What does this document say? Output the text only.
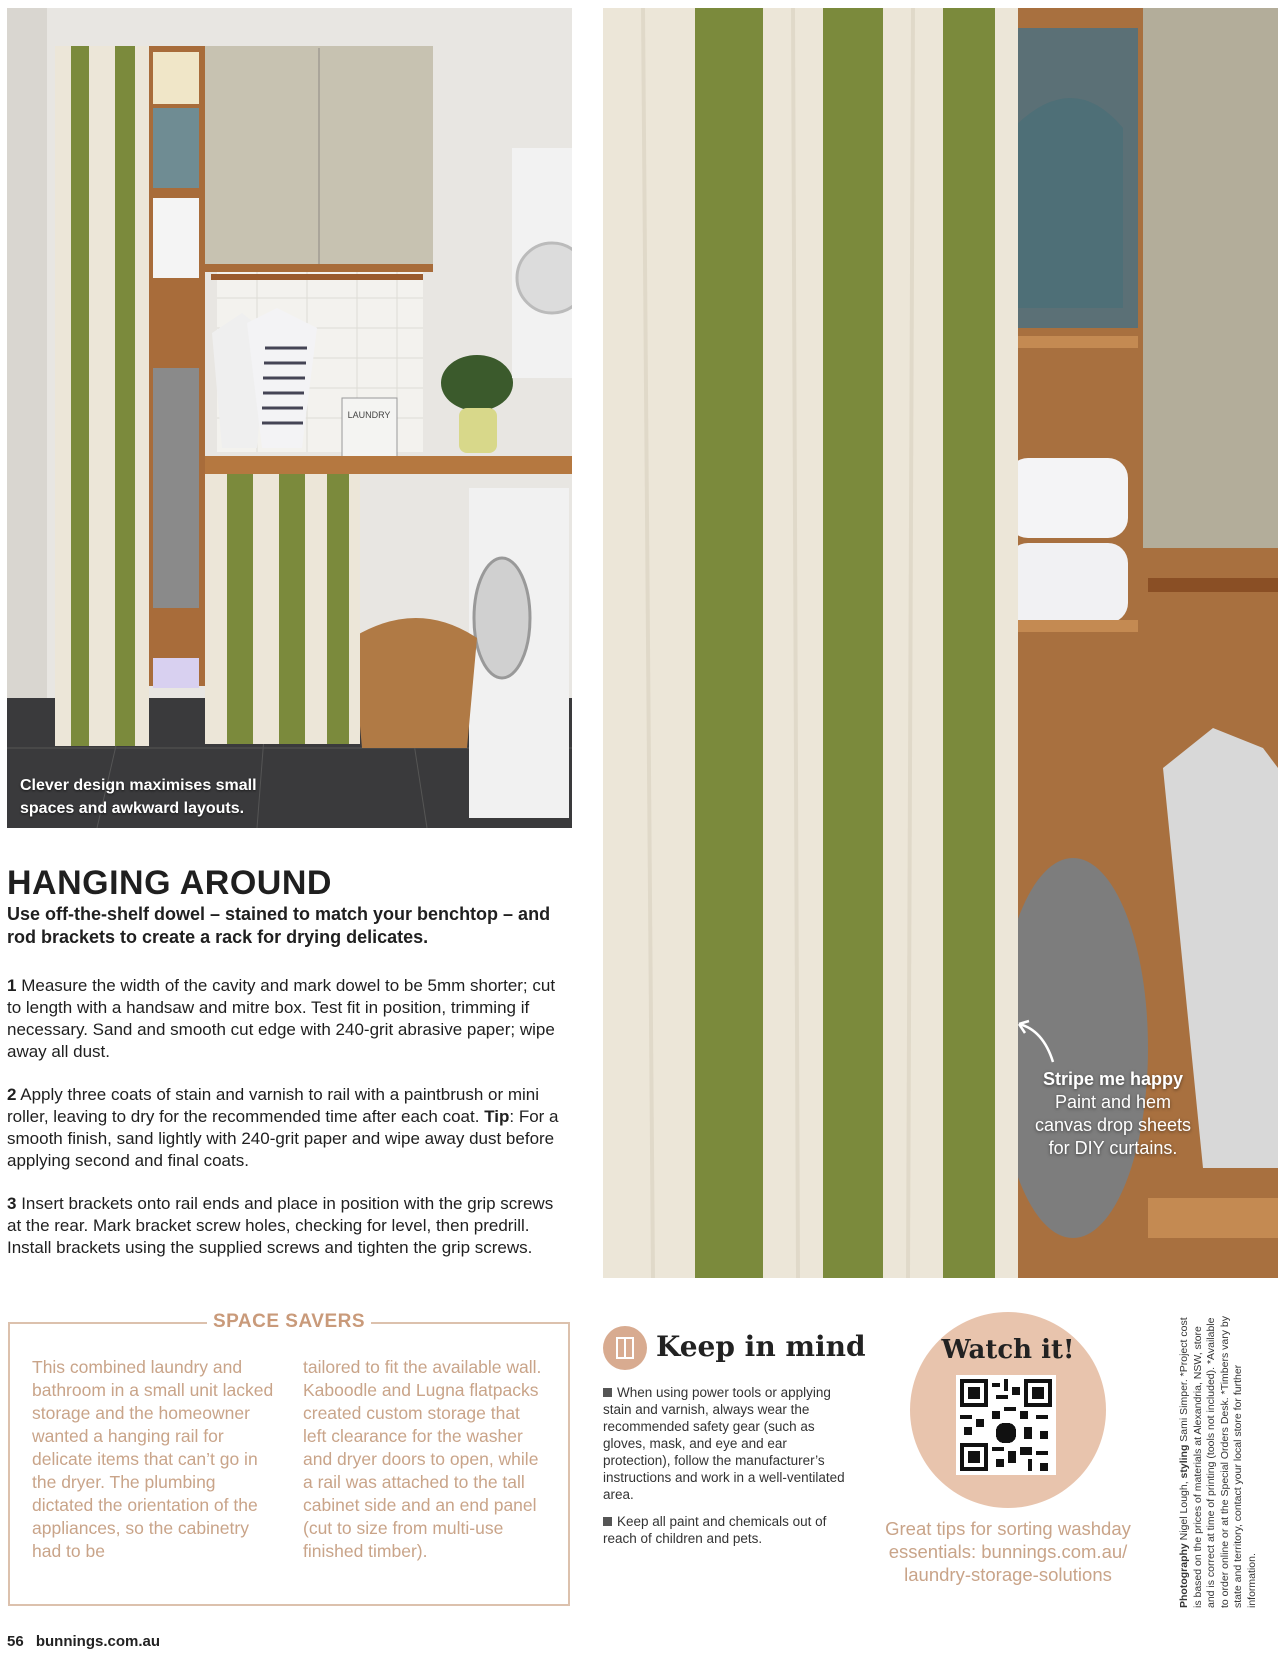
LAUNDRY
Clever design maximises small
spaces and awkward layouts.
Stripe me happy
Paint and hem
canvas drop sheets
for DIY curtains.
HANGING AROUND

Use off-the-shelf dowel – stained to match your benchtop – and rod brackets to create a rack for drying delicates.

1 Measure the width of the cavity and mark dowel to be 5mm shorter; cut to length with a handsaw and mitre box. Test fit in position, trimming if necessary. Sand and smooth cut edge with 240-grit abrasive paper; wipe away all dust.

2 Apply three coats of stain and varnish to rail with a paintbrush or mini roller, leaving to dry for the recommended time after each coat. Tip: For a smooth finish, sand lightly with 240-grit paper and wipe away dust before applying second and final coats.

3 Insert brackets onto rail ends and place in position with the grip screws at the rear. Mark bracket screw holes, checking for level, then predrill. Install brackets using the supplied screws and tighten the grip screws.

SPACE SAVERS

This combined laundry and bathroom in a small unit lacked storage and the homeowner wanted a hanging rail for delicate items that can’t go in the dryer. The plumbing dictated the orientation of the appliances, so the cabinetry had to be

tailored to fit the available wall. Kaboodle and Lugna flatpacks created custom storage that left clearance for the washer and dryer doors to open, while a rail was attached to the tall cabinet side and an end panel (cut to size from multi-use finished timber).

Keep in mind

When using power tools or applying stain and varnish, always wear the recommended safety gear (such as gloves, mask, and eye and ear protection), follow the manufacturer’s instructions and work in a well-ventilated area.

Keep all paint and chemicals out of reach of children and pets.

Watch it!

Great tips for sorting washday essentials: bunnings.com.au/ laundry-storage-solutions	Photography Nigel Lough, styling Sami Simper. *Project cost is based on the prices of materials at Alexandria, NSW, store and is correct at time of printing (tools not included). *Available to order online or at the Special Orders Desk. *Timbers vary by state and territory, contact your local store for further information.
56 bunnings.com.au
